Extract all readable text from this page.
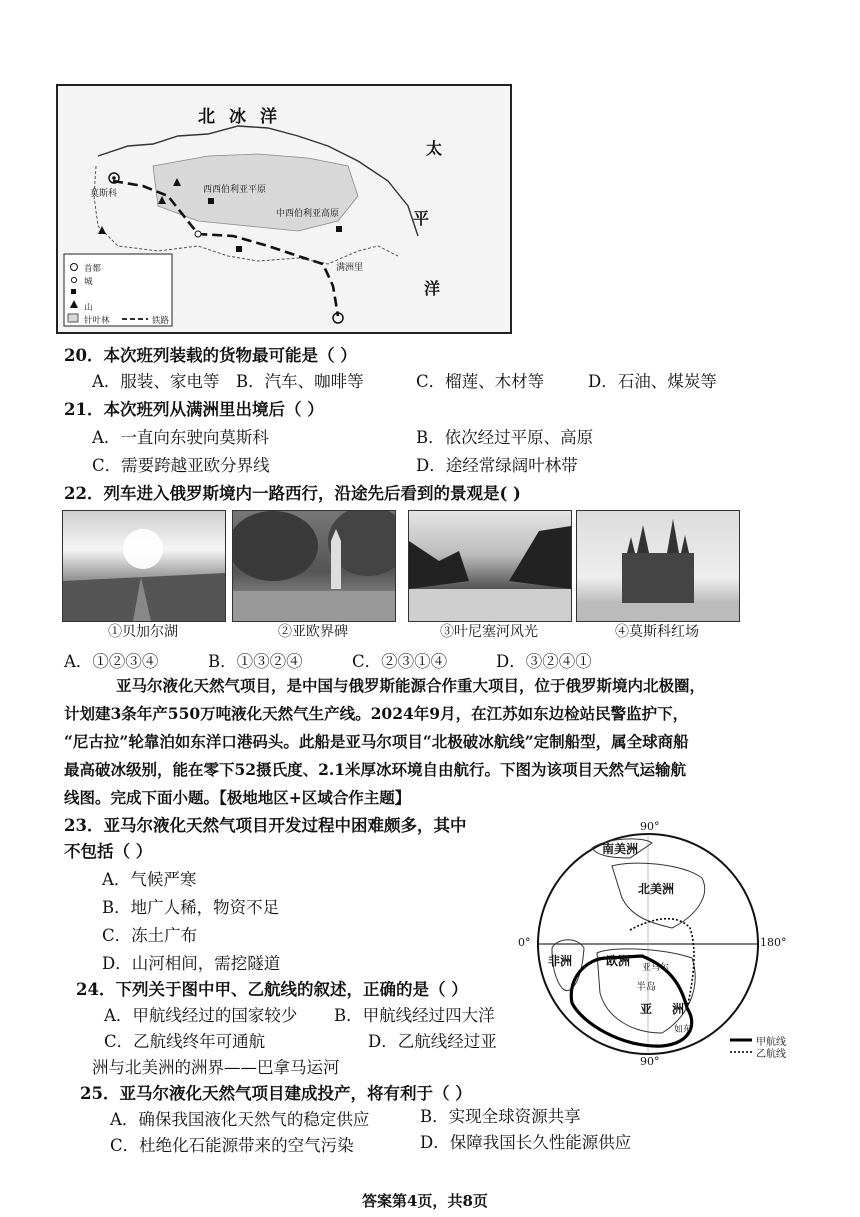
北冰洋
太
平
洋
莫斯科	西西伯利亚平原
中西伯利亚高原
满洲里
首都
城
山
针叶林	铁路
20．本次班列装载的货物最可能是（ ）
A．服装、家电等 B．汽车、咖啡等	C．榴莲、木材等	D．石油、煤炭等
21．本次班列从满洲里出境后（ ）
A．一直向东驶向莫斯科	B．依次经过平原、高原
C．需要跨越亚欧分界线	D．途经常绿阔叶林带
22．列车进入俄罗斯境内一路西行，沿途先后看到的景观是( )
①贝加尔湖	②亚欧界碑	③叶尼塞河风光	④莫斯科红场
A．①②③④	B．①③②④	C．②③①④	D．③②④①
亚马尔液化天然气项目，是中国与俄罗斯能源合作重大项目，位于俄罗斯境内北极圈，
计划建3条年产550万吨液化天然气生产线。2024年9月，在江苏如东边检站民警监护下，
“尼古拉”轮靠泊如东洋口港码头。此船是亚马尔项目“北极破冰航线”定制船型，属全球商船
最高破冰级别，能在零下52摄氏度、2.1米厚冰环境自由航行。下图为该项目天然气运输航
线图。完成下面小题。【极地地区+区域合作主题】
23．亚马尔液化天然气项目开发过程中困难颇多，其中
不包括（ ）
A．气候严寒
B．地广人稀，物资不足
C．冻土广布
D．山河相间，需挖隧道
24．下列关于图中甲、乙航线的叙述，正确的是（ ）
A．甲航线经过的国家较少 B．甲航线经过四大洋
C．乙航线终年可通航	D．乙航线经过亚
洲与北美洲的洲界——巴拿马运河
25．亚马尔液化天然气项目建成投产，将有利于（ ）
A．确保我国液化天然气的稳定供应	B．实现全球资源共享
C．杜绝化石能源带来的空气污染	D．保障我国长久性能源供应
90°
90°
0°	180°
南美洲
北美洲
非洲	欧洲 亚马尔
半岛
亚 洲
如东
甲航线
乙航线
答案第4页，共8页
